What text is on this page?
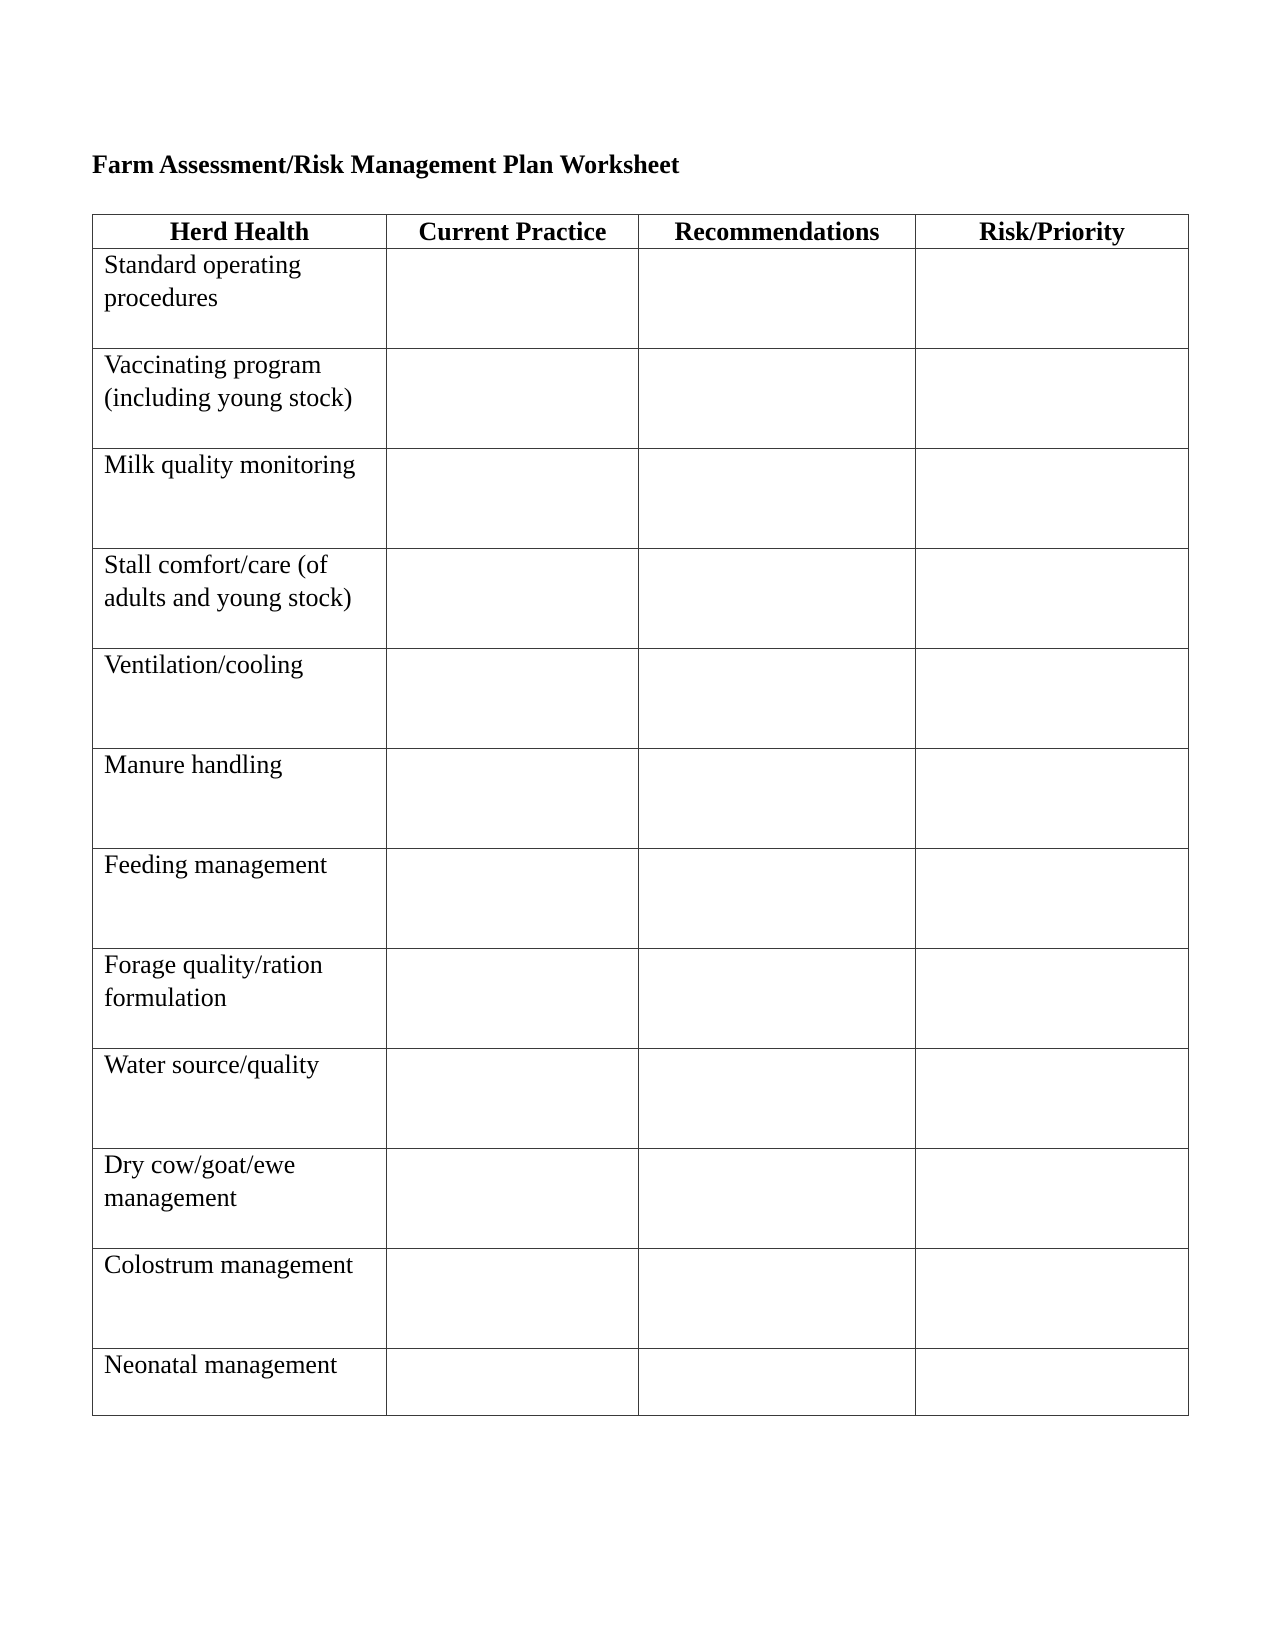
Farm Assessment/Risk Management Plan Worksheet
Herd Health	Current Practice	Recommendations	Risk/Priority

Standard operating procedures			

Vaccinating program (including young stock)			

Milk quality monitoring			

Stall comfort/care (of adults and young stock)			

Ventilation/cooling			

Manure handling			

Feeding management			

Forage quality/ration formulation			

Water source/quality			

Dry cow/goat/ewe management			

Colostrum management			

Neonatal management			
